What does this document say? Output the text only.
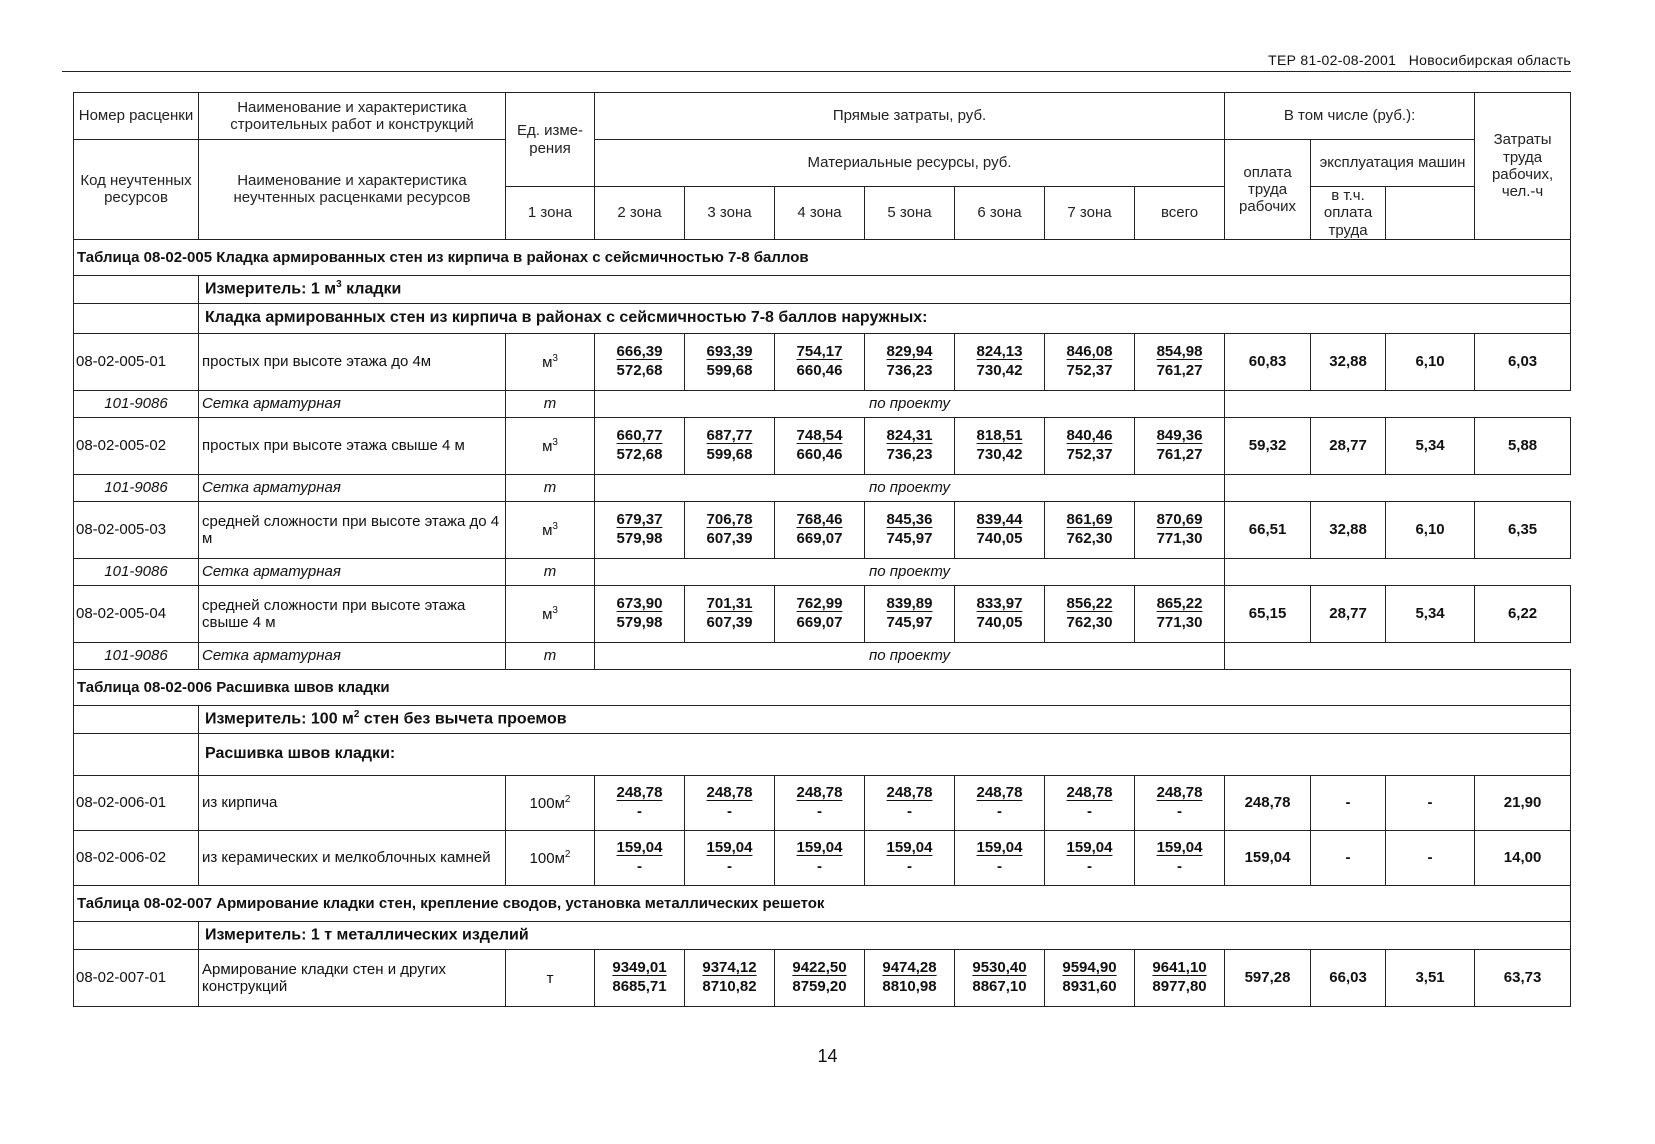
ТЕР 81-02-08-2001 Новосибирская область
Номер расценки	Наименование и характеристика строительных работ и конструкций	Ед. изме-рения	Прямые затраты, руб.							В том числе (руб.):			Затраты труда рабочих, чел.-ч

Код неучтенных ресурсов	Наименование и характеристика неучтенных расценками ресурсов		Материальные ресурсы, руб.							оплата труда рабочих	эксплуатация машин		
		1 зона	2 зона	3 зона	4 зона	5 зона	6 зона	7 зона	всего		в т.ч. оплата труда		
Таблица 08-02-005 Кладка армированных стен из кирпича в районах с сейсмичностью 7-8 баллов													
	Измеритель: 1 $м^3$ кладки												
	Кладка армированных стен из кирпича в районах с сейсмичностью 7-8 баллов наружных:												
08-02-005-01	простых при высоте этажа до 4м	$м^3$	$\frac{666,39}{572,68}$	$\frac{693,39}{599,68}$	$\frac{754,17}{660,46}$	$\frac{829,94}{736,23}$	$\frac{824,13}{730,42}$	$\frac{846,08}{752,37}$	$\frac{854,98}{761,27}$	60,83	32,88	6,10	6,03
101-9086	Сетка арматурная	т	по проекту										
08-02-005-02	простых при высоте этажа свыше 4 м	$м^3$	$\frac{660,77}{572,68}$	$\frac{687,77}{599,68}$	$\frac{748,54}{660,46}$	$\frac{824,31}{736,23}$	$\frac{818,51}{730,42}$	$\frac{840,46}{752,37}$	$\frac{849,36}{761,27}$	59,32	28,77	5,34	5,88
101-9086	Сетка арматурная	т	по проекту										
08-02-005-03	средней сложности при высоте этажа до 4 м	$м^3$	$\frac{679,37}{579,98}$	$\frac{706,78}{607,39}$	$\frac{768,46}{669,07}$	$\frac{845,36}{745,97}$	$\frac{839,44}{740,05}$	$\frac{861,69}{762,30}$	$\frac{870,69}{771,30}$	66,51	32,88	6,10	6,35
101-9086	Сетка арматурная	т	по проекту										
08-02-005-04	средней сложности при высоте этажа свыше 4 м	$м^3$	$\frac{673,90}{579,98}$	$\frac{701,31}{607,39}$	$\frac{762,99}{669,07}$	$\frac{839,89}{745,97}$	$\frac{833,97}{740,05}$	$\frac{856,22}{762,30}$	$\frac{865,22}{771,30}$	65,15	28,77	5,34	6,22
101-9086	Сетка арматурная	т	по проекту										
Таблица 08-02-006 Расшивка швов кладки													
	Измеритель: 100 $м^2$ стен без вычета проемов												
	Расшивка швов кладки:												
08-02-006-01	из кирпича	$100м^2$	$\frac{248,78}{-}$	$\frac{248,78}{-}$	$\frac{248,78}{-}$	$\frac{248,78}{-}$	$\frac{248,78}{-}$	$\frac{248,78}{-}$	$\frac{248,78}{-}$	248,78	-	-	21,90
08-02-006-02	из керамических и мелкоблочных камней	$100м^2$	$\frac{159,04}{-}$	$\frac{159,04}{-}$	$\frac{159,04}{-}$	$\frac{159,04}{-}$	$\frac{159,04}{-}$	$\frac{159,04}{-}$	$\frac{159,04}{-}$	159,04	-	-	14,00
Таблица 08-02-007 Армирование кладки стен, крепление сводов, установка металлических решеток													
	Измеритель: 1 т металлических изделий												
08-02-007-01	Армирование кладки стен и других конструкций	т	$\frac{9349,01}{8685,71}$	$\frac{9374,12}{8710,82}$	$\frac{9422,50}{8759,20}$	$\frac{9474,28}{8810,98}$	$\frac{9530,40}{8867,10}$	$\frac{9594,90}{8931,60}$	$\frac{9641,10}{8977,80}$	597,28	66,03	3,51	63,73
14
